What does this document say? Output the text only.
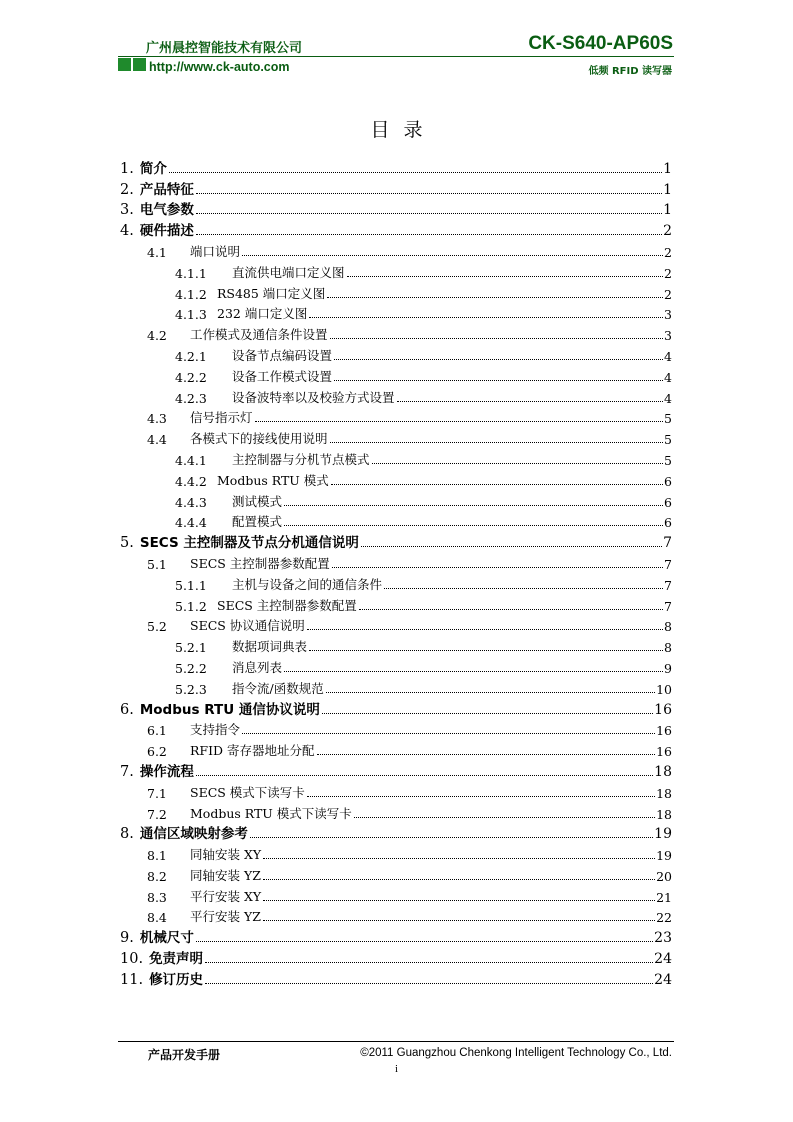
广州晨控智能技术有限公司	CK-S640-AP60S
http://www.ck-auto.com	低频 RFID 读写器
目录
1. 简介	1
2. 产品特征	1
3. 电气参数	1
4. 硬件描述	2
4.1	端口说明	2
4.1.1	直流供电端口定义图	2
4.1.2 RS485 端口定义图	2
4.1.3 232 端口定义图	3
4.2	工作模式及通信条件设置	3
4.2.1	设备节点编码设置	4
4.2.2	设备工作模式设置	4
4.2.3	设备波特率以及校验方式设置	4
4.3	信号指示灯	5
4.4	各模式下的接线使用说明	5
4.4.1	主控制器与分机节点模式	5
4.4.2 Modbus RTU 模式	6
4.4.3	测试模式	6
4.4.4	配置模式	6
5. SECS 主控制器及节点分机通信说明	7
5.1	SECS 主控制器参数配置	7
5.1.1	主机与设备之间的通信条件	7
5.1.2 SECS 主控制器参数配置	7
5.2	SECS 协议通信说明	8
5.2.1	数据项词典表	8
5.2.2	消息列表	9
5.2.3	指令流/函数规范	10
6. Modbus RTU 通信协议说明	16
6.1	支持指令	16
6.2	RFID 寄存器地址分配	16
7. 操作流程	18
7.1	SECS 模式下读写卡	18
7.2	Modbus RTU 模式下读写卡	18
8. 通信区域映射参考	19
8.1	同轴安装 XY	19
8.2	同轴安装 YZ	20
8.3	平行安装 XY	21
8.4	平行安装 YZ	22
9. 机械尺寸	23
10. 免责声明	24
11. 修订历史	24
产品开发手册	©2011 Guangzhou Chenkong Intelligent Technology Co., Ltd.
i
